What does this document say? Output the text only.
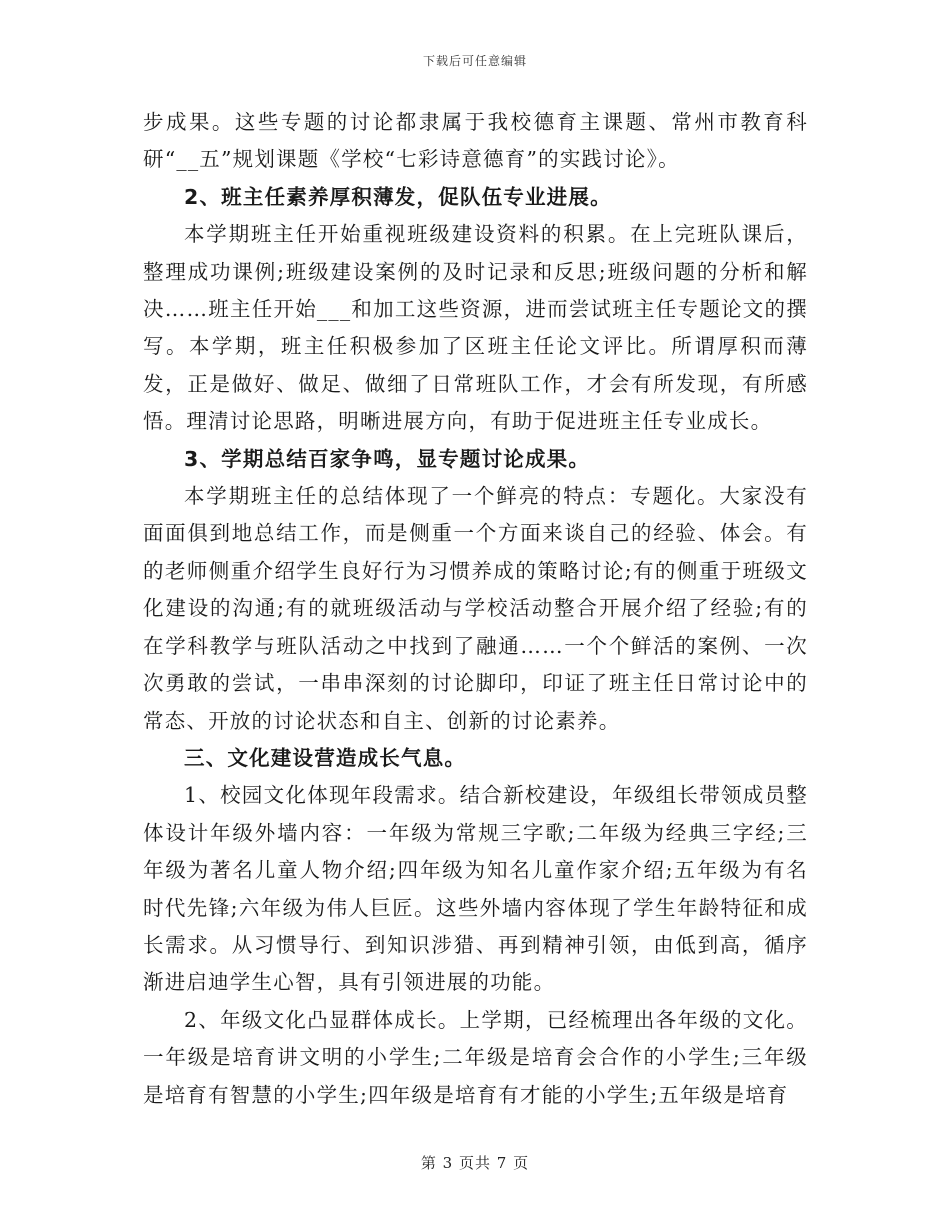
下载后可任意编辑

步成果。这些专题的讨论都隶属于我校德育主课题、常州市教育科研“__五”规划课题《学校“七彩诗意德育”的实践讨论》。

2、班主任素养厚积薄发，促队伍专业进展。

本学期班主任开始重视班级建设资料的积累。在上完班队课后，整理成功课例;班级建设案例的及时记录和反思;班级问题的分析和解决……班主任开始___和加工这些资源，进而尝试班主任专题论文的撰写。本学期，班主任积极参加了区班主任论文评比。所谓厚积而薄发，正是做好、做足、做细了日常班队工作，才会有所发现，有所感悟。理清讨论思路，明晰进展方向，有助于促进班主任专业成长。

3、学期总结百家争鸣，显专题讨论成果。

本学期班主任的总结体现了一个鲜亮的特点：专题化。大家没有面面俱到地总结工作，而是侧重一个方面来谈自己的经验、体会。有的老师侧重介绍学生良好行为习惯养成的策略讨论;有的侧重于班级文化建设的沟通;有的就班级活动与学校活动整合开展介绍了经验;有的在学科教学与班队活动之中找到了融通……一个个鲜活的案例、一次次勇敢的尝试，一串串深刻的讨论脚印，印证了班主任日常讨论中的常态、开放的讨论状态和自主、创新的讨论素养。

三、文化建设营造成长气息。

1、校园文化体现年段需求。结合新校建设，年级组长带领成员整体设计年级外墙内容：一年级为常规三字歌;二年级为经典三字经;三年级为著名儿童人物介绍;四年级为知名儿童作家介绍;五年级为有名时代先锋;六年级为伟人巨匠。这些外墙内容体现了学生年龄特征和成长需求。从习惯导行、到知识涉猎、再到精神引领，由低到高，循序渐进启迪学生心智，具有引领进展的功能。

2、年级文化凸显群体成长。上学期，已经梳理出各年级的文化。一年级是培育讲文明的小学生;二年级是培育会合作的小学生;三年级是培育有智慧的小学生;四年级是培育有才能的小学生;五年级是培育

第 3 页共 7 页
